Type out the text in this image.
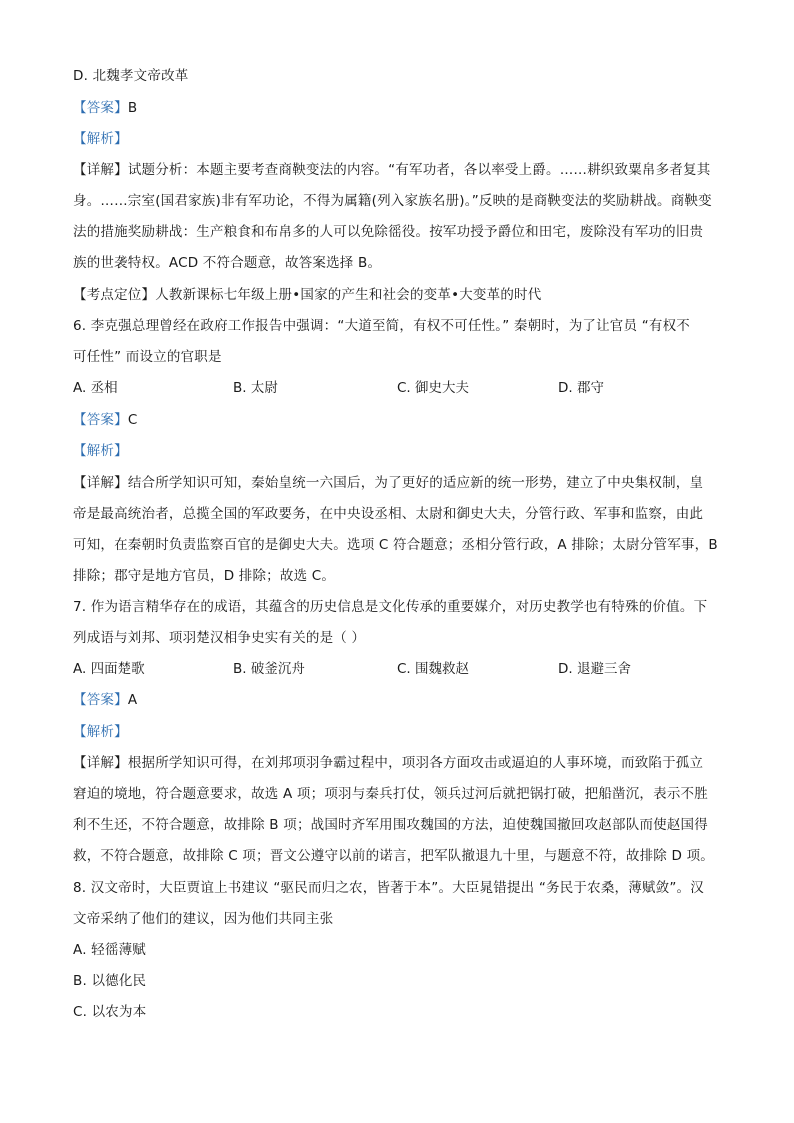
D. 北魏孝文帝改革
【答案】B
【解析】
【详解】试题分析：本题主要考查商鞅变法的内容。“有军功者，各以率受上爵。……耕织致粟帛多者复其
身。……宗室(国君家族)非有军功论，不得为属籍(列入家族名册)。”反映的是商鞅变法的奖励耕战。商鞅变
法的措施奖励耕战：生产粮食和布帛多的人可以免除徭役。按军功授予爵位和田宅，废除没有军功的旧贵
族的世袭特权。ACD 不符合题意，故答案选择 B。
【考点定位】人教新课标七年级上册•国家的产生和社会的变革•大变革的时代
6. 李克强总理曾经在政府工作报告中强调：“大道至简，有权不可任性。” 秦朝时，为了让官员 “有权不
可任性” 而设立的官职是
A. 丞相	B. 太尉	C. 御史大夫	D. 郡守
【答案】C
【解析】
【详解】结合所学知识可知，秦始皇统一六国后，为了更好的适应新的统一形势，建立了中央集权制，皇
帝是最高统治者，总揽全国的军政要务，在中央设丞相、太尉和御史大夫，分管行政、军事和监察，由此
可知，在秦朝时负责监察百官的是御史大夫。选项 C 符合题意；丞相分管行政，A 排除；太尉分管军事，B
排除；郡守是地方官员，D 排除；故选 C。
7. 作为语言精华存在的成语，其蕴含的历史信息是文化传承的重要媒介，对历史教学也有特殊的价值。下
列成语与刘邦、项羽楚汉相争史实有关的是（ ）
A. 四面楚歌	B. 破釜沉舟	C. 围魏救赵	D. 退避三舍
【答案】A
【解析】
【详解】根据所学知识可得，在刘邦项羽争霸过程中，项羽各方面攻击或逼迫的人事环境，而致陷于孤立
窘迫的境地，符合题意要求，故选 A 项；项羽与秦兵打仗，领兵过河后就把锅打破，把船凿沉，表示不胜
利不生还，不符合题意，故排除 B 项；战国时齐军用围攻魏国的方法，迫使魏国撤回攻赵部队而使赵国得
救，不符合题意，故排除 C 项；晋文公遵守以前的诺言，把军队撤退九十里，与题意不符，故排除 D 项。
8. 汉文帝时，大臣贾谊上书建议 “驱民而归之农，皆著于本”。大臣晁错提出 “务民于农桑，薄赋敛”。汉
文帝采纳了他们的建议，因为他们共同主张
A. 轻徭薄赋
B. 以德化民
C. 以农为本
